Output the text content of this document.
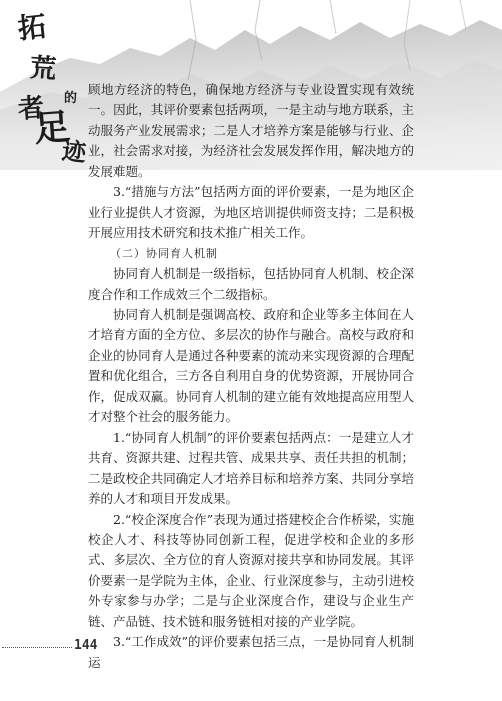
拓
荒
者 的
足
迹

顾地方经济的特色，确保地方经济与专业设置实现有效统一。因此，其评价要素包括两项，一是主动与地方联系，主动服务产业发展需求；二是人才培养方案是能够与行业、企业，社会需求对接，为经济社会发展发挥作用，解决地方的发展难题。

3.“措施与方法”包括两方面的评价要素，一是为地区企业行业提供人才资源，为地区培训提供师资支持；二是积极开展应用技术研究和技术推广相关工作。

（二）协同育人机制

协同育人机制是一级指标，包括协同育人机制、校企深度合作和工作成效三个二级指标。

协同育人机制是强调高校、政府和企业等多主体间在人才培育方面的全方位、多层次的协作与融合。高校与政府和企业的协同育人是通过各种要素的流动来实现资源的合理配置和优化组合，三方各自利用自身的优势资源，开展协同合作，促成双赢。协同育人机制的建立能有效地提高应用型人才对整个社会的服务能力。

1.“协同育人机制”的评价要素包括两点：一是建立人才共育、资源共建、过程共管、成果共享、责任共担的机制；二是政校企共同确定人才培养目标和培养方案、共同分享培养的人才和项目开发成果。

2.“校企深度合作”表现为通过搭建校企合作桥梁，实施校企人才、科技等协同创新工程，促进学校和企业的多形式、多层次、全方位的育人资源对接共享和协同发展。其评价要素一是学院为主体，企业、行业深度参与，主动引进校外专家参与办学；二是与企业深度合作，建设与企业生产链、产品链、技术链和服务链相对接的产业学院。

3.“工作成效”的评价要素包括三点，一是协同育人机制运

144
